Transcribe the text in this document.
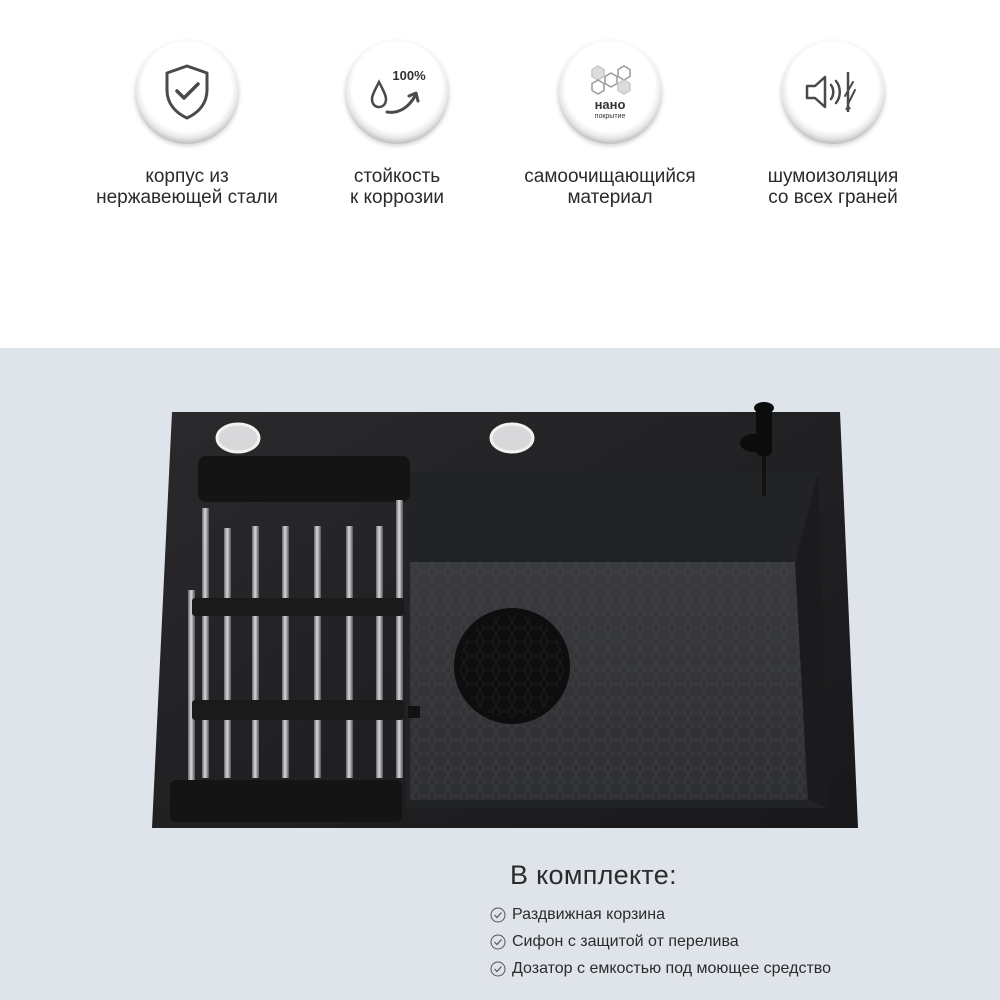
корпус из
нержавеющей стали
100%
стойкость
к коррозии
нано
покрытие
самоочищающийся
материал
шумоизоляция
со всех граней
В комплекте:
Раздвижная корзина
Сифон с защитой от перелива
Дозатор с емкостью под моющее средство
